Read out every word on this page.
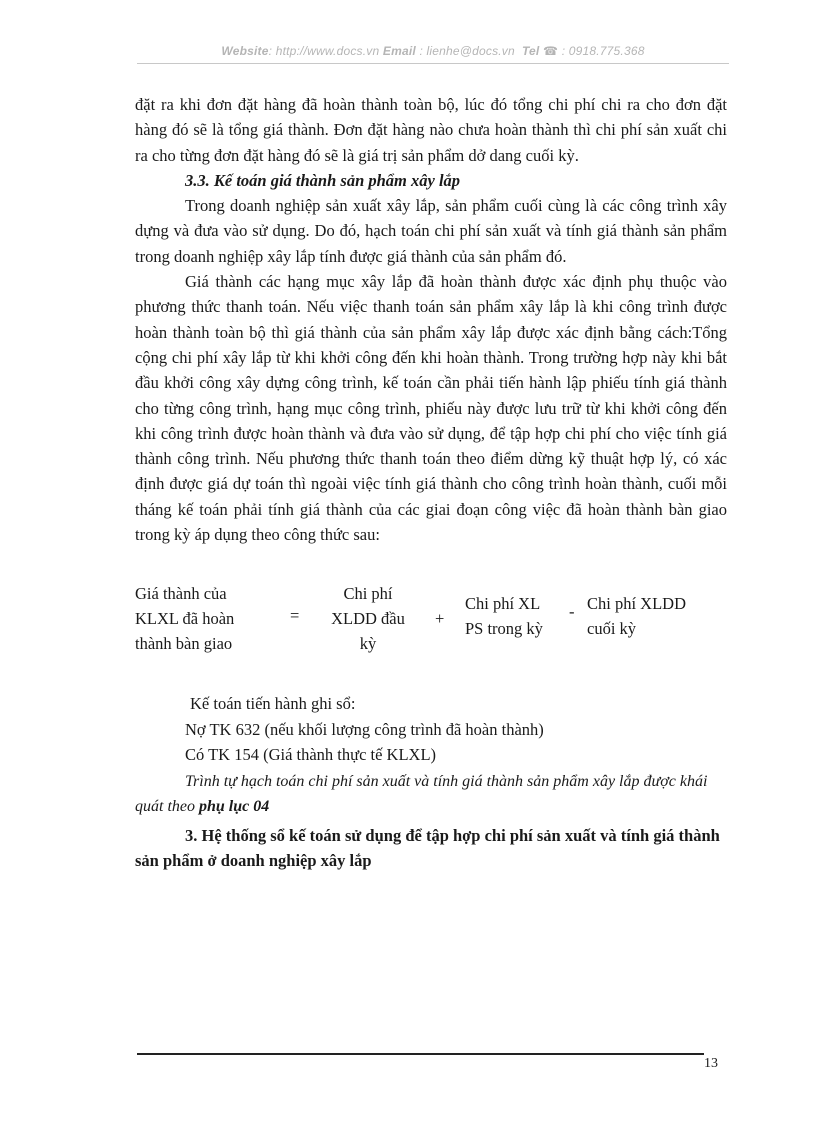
Website: http://www.docs.vn Email : lienhe@docs.vn Tel ☎ : 0918.775.368

đặt ra khi đơn đặt hàng đã hoàn thành toàn bộ, lúc đó tổng chi phí chi ra cho đơn đặt hàng đó sẽ là tổng giá thành. Đơn đặt hàng nào chưa hoàn thành thì chi phí sản xuất chi ra cho từng đơn đặt hàng đó sẽ là giá trị sản phẩm dở dang cuối kỳ.

3.3. Kế toán giá thành sản phẩm xây lắp

Trong doanh nghiệp sản xuất xây lắp, sản phẩm cuối cùng là các công trình xây dựng và đưa vào sử dụng. Do đó, hạch toán chi phí sản xuất và tính giá thành sản phẩm trong doanh nghiệp xây lắp tính được giá thành của sản phẩm đó.

Giá thành các hạng mục xây lắp đã hoàn thành được xác định phụ thuộc vào phương thức thanh toán. Nếu việc thanh toán sản phẩm xây lắp là khi công trình được hoàn thành toàn bộ thì giá thành của sản phẩm xây lắp được xác định bằng cách:Tổng cộng chi phí xây lắp từ khi khởi công đến khi hoàn thành. Trong trường hợp này khi bắt đầu khởi công xây dựng công trình, kế toán cần phải tiến hành lập phiếu tính giá thành cho từng công trình, hạng mục công trình, phiếu này được lưu trữ từ khi khởi công đến khi công trình được hoàn thành và đưa vào sử dụng, để tập hợp chi phí cho việc tính giá thành công trình. Nếu phương thức thanh toán theo điểm dừng kỹ thuật hợp lý, có xác định được giá dự toán thì ngoài việc tính giá thành cho công trình hoàn thành, cuối mỗi tháng kế toán phải tính giá thành của các giai đoạn công việc đã hoàn thành bàn giao trong kỳ áp dụng theo công thức sau:

Giá thành của
KLXL đã hoàn
thành bàn giao
=
Chi phí
XLDD đầu
kỳ
+
Chi phí XL
PS trong kỳ
- Chi phí XLDD
cuối kỳ

Kế toán tiến hành ghi sổ:

Nợ TK 632 (nếu khối lượng công trình đã hoàn thành)

Có TK 154 (Giá thành thực tế KLXL)

Trình tự hạch toán chi phí sản xuất và tính giá thành sản phẩm xây lắp được khái quát theo phụ lục 04

3. Hệ thống sổ kế toán sử dụng để tập hợp chi phí sản xuất và tính giá thành sản phẩm ở doanh nghiệp xây lắp

13
